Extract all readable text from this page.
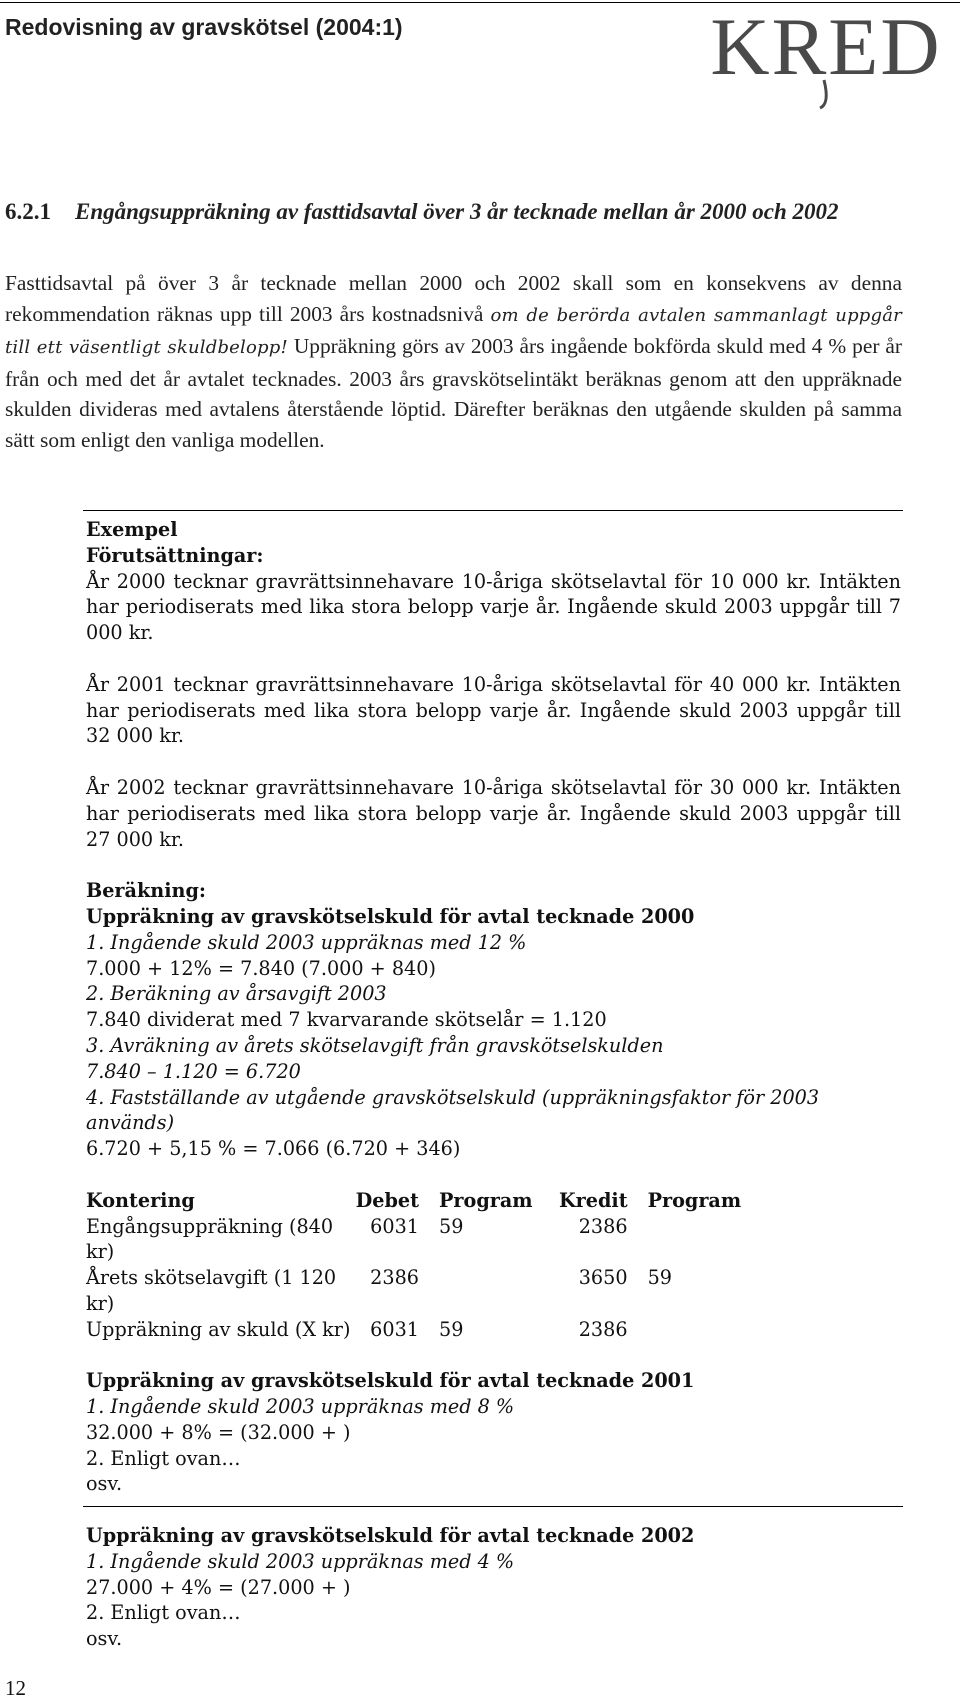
Redovisning av gravskötsel (2004:1)	KRED
6.2.1 Engångsuppräkning av fasttidsavtal över 3 år tecknade mellan år 2000 och 2002
Fasttidsavtal på över 3 år tecknade mellan 2000 och 2002 skall som en konsekvens av denna rekommendation räknas upp till 2003 års kostnadsnivå om de berörda avtalen sammanlagt uppgår till ett väsentligt skuldbelopp! Uppräkning görs av 2003 års ingående bokförda skuld med 4 % per år från och med det år avtalet tecknades. 2003 års gravskötselintäkt beräknas genom att den uppräknade skulden divideras med avtalens återstående löptid. Därefter beräknas den utgående skulden på samma sätt som enligt den vanliga modellen.

Exempel

Förutsättningar:

År 2000 tecknar gravrättsinnehavare 10-åriga skötselavtal för 10 000 kr. Intäkten har periodiserats med lika stora belopp varje år. Ingående skuld 2003 uppgår till 7 000 kr.

År 2001 tecknar gravrättsinnehavare 10-åriga skötselavtal för 40 000 kr. Intäkten har periodiserats med lika stora belopp varje år. Ingående skuld 2003 uppgår till 32 000 kr.

År 2002 tecknar gravrättsinnehavare 10-åriga skötselavtal för 30 000 kr. Intäkten har periodiserats med lika stora belopp varje år. Ingående skuld 2003 uppgår till 27 000 kr.

Beräkning:

Uppräkning av gravskötselskuld för avtal tecknade 2000

1. Ingående skuld 2003 uppräknas med 12 %

7.000 + 12% = 7.840 (7.000 + 840)

2. Beräkning av årsavgift 2003

7.840 dividerat med 7 kvarvarande skötselår = 1.120

3. Avräkning av årets skötselavgift från gravskötselskulden

7.840 – 1.120 = 6.720

4. Fastställande av utgående gravskötselskuld (uppräkningsfaktor för 2003 används)

6.720 + 5,15 % = 7.066 (6.720 + 346)

Kontering	Debet	Program	Kredit	Program
Engångsuppräkning (840 kr)	6031	59	2386	
Årets skötselavgift (1 120 kr)	2386		3650	59
Uppräkning av skuld (X kr)	6031	59	2386	

Uppräkning av gravskötselskuld för avtal tecknade 2001

1. Ingående skuld 2003 uppräknas med 8 %

32.000 + 8% = (32.000 + )

2. Enligt ovan…

osv.

Uppräkning av gravskötselskuld för avtal tecknade 2002

1. Ingående skuld 2003 uppräknas med 4 %

27.000 + 4% = (27.000 + )

2. Enligt ovan…

osv.

12
